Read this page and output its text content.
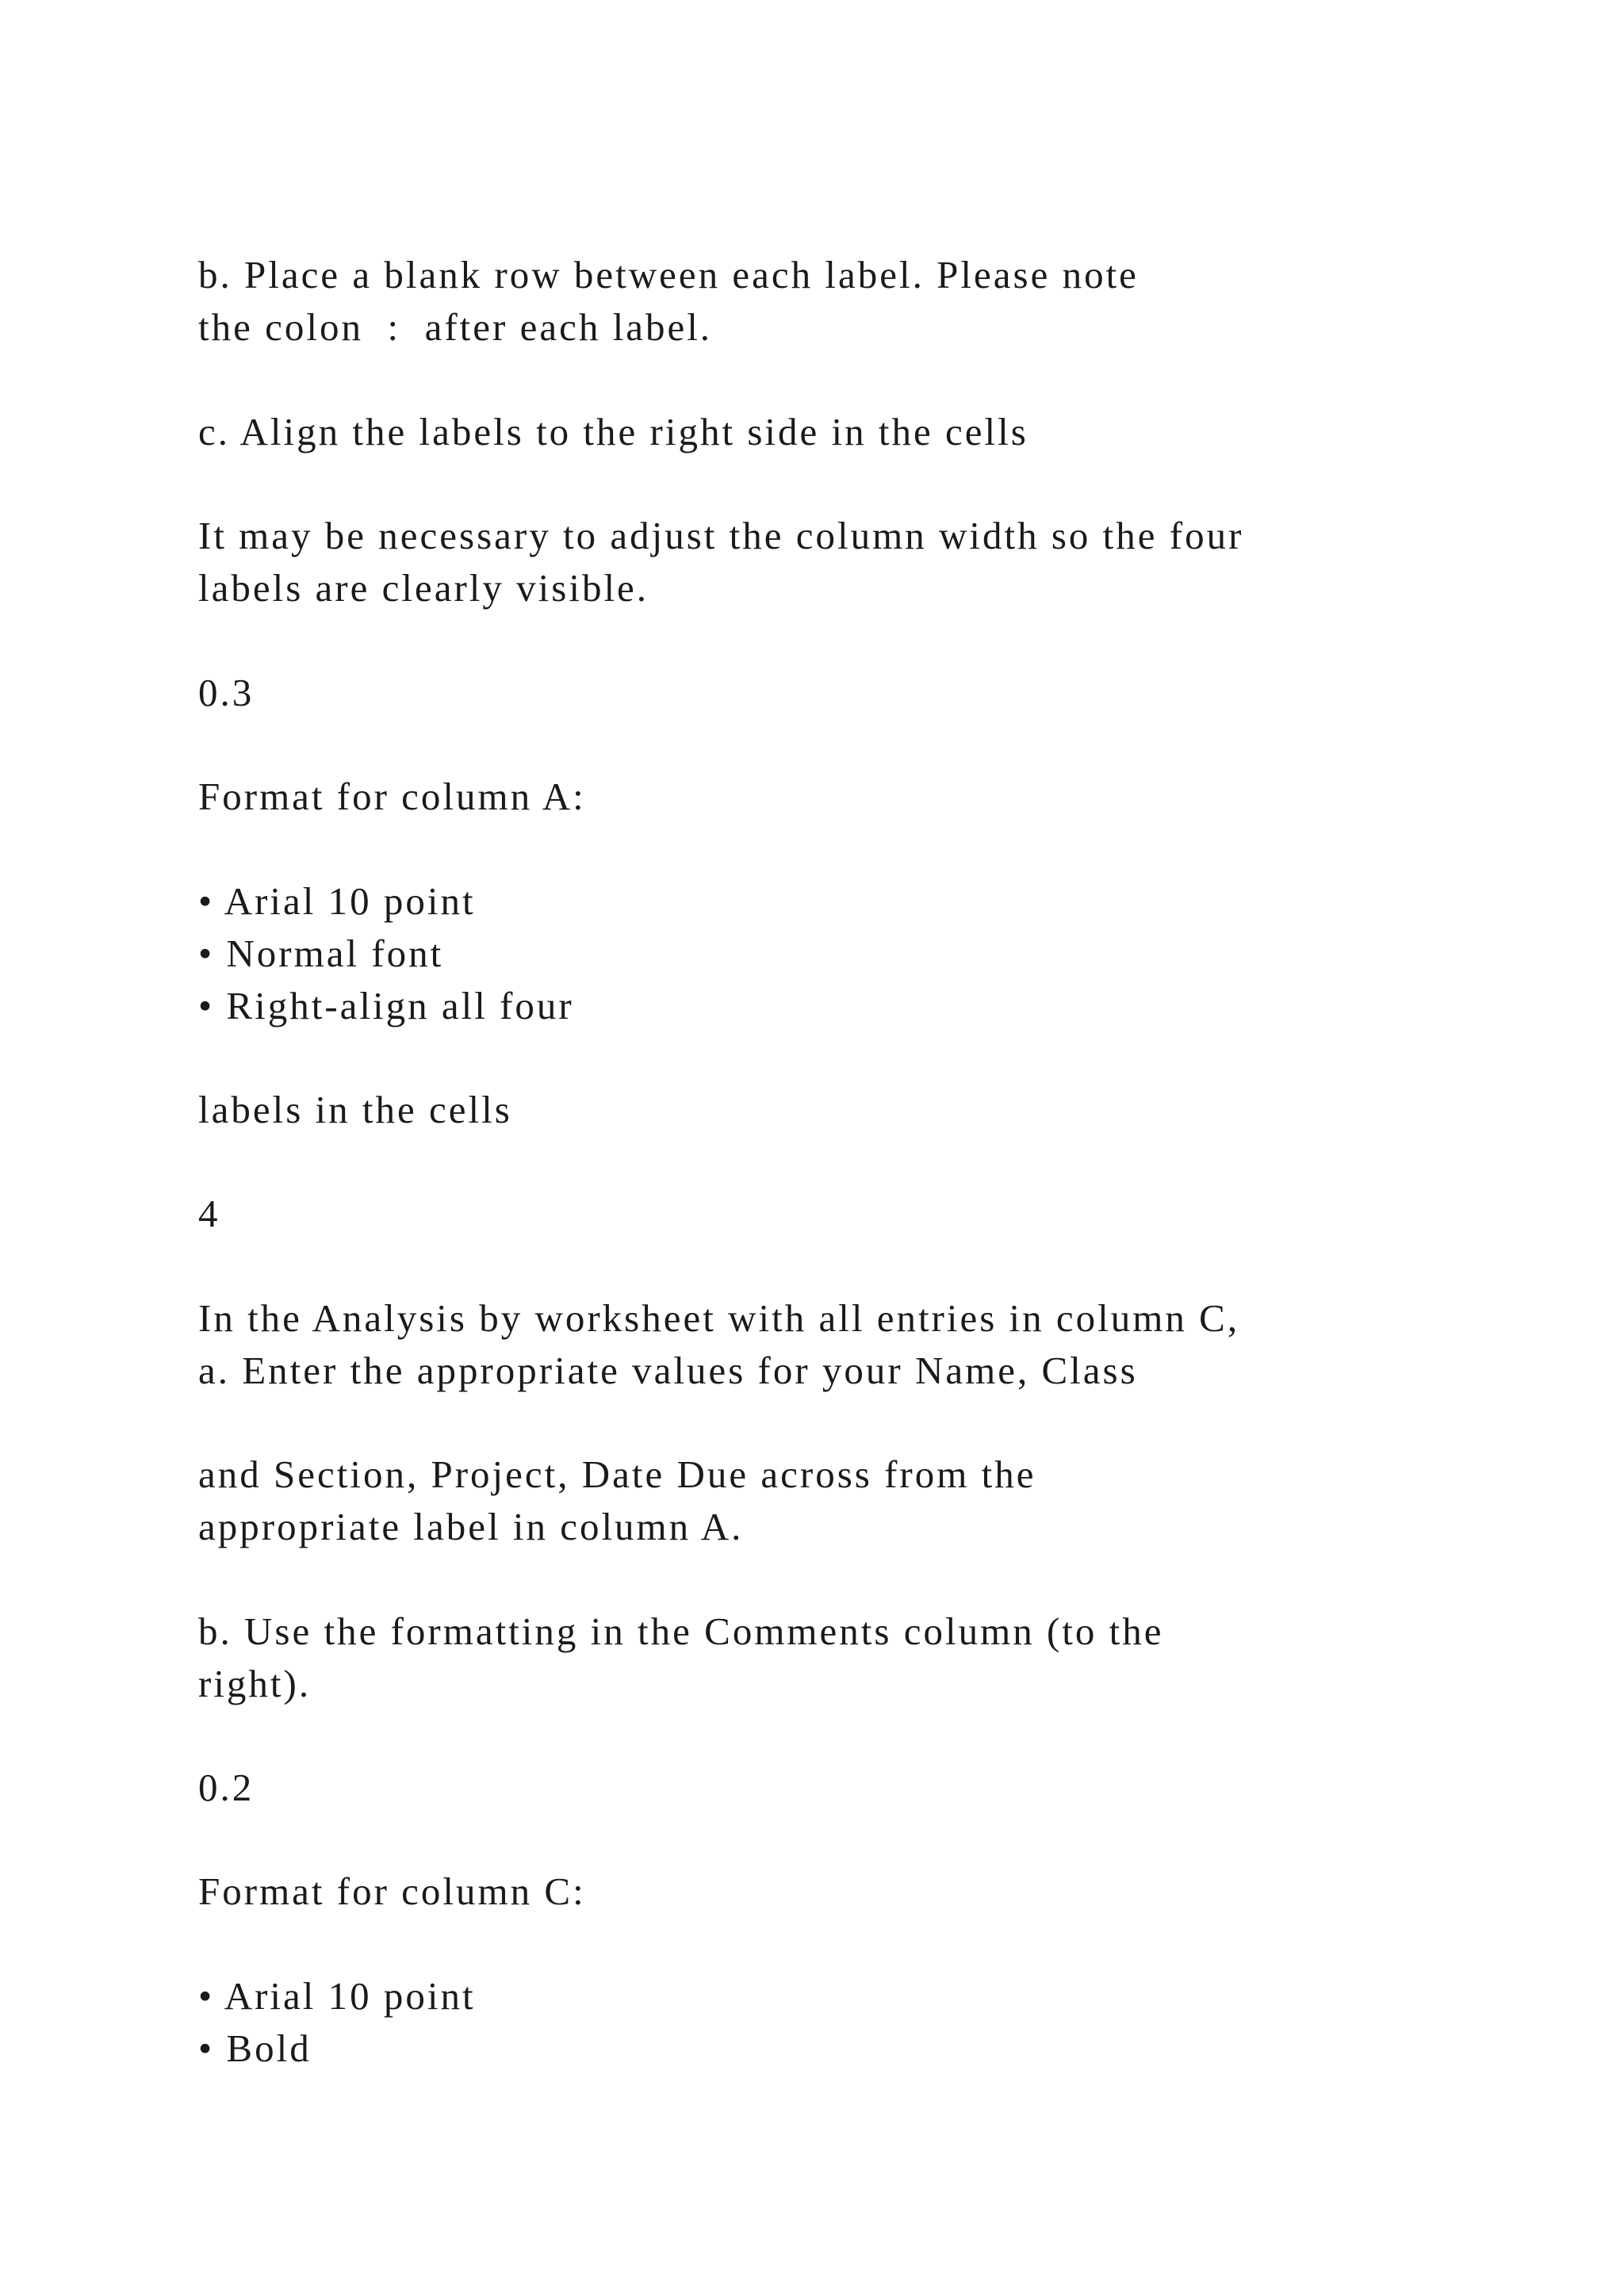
b. Place a blank row between each label. Please note

the colon  :  after each label.

c. Align the labels to the right side in the cells

It may be necessary to adjust the column width so the four

labels are clearly visible.

0.3

Format for column A:

• Arial 10 point

• Normal font

• Right-align all four

labels in the cells

4

In the Analysis by worksheet with all entries in column C,

a. Enter the appropriate values for your Name, Class

and Section, Project, Date Due across from the

appropriate label in column A.

b. Use the formatting in the Comments column (to the

right).

0.2

Format for column C:

• Arial 10 point

• Bold
